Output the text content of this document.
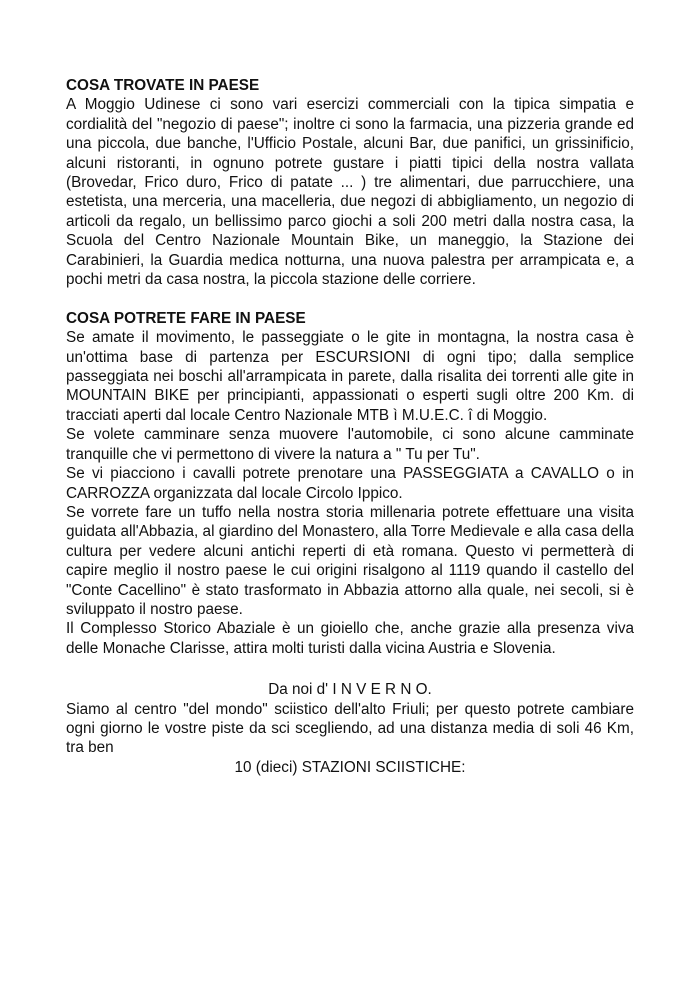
COSA TROVATE IN PAESE

A Moggio Udinese ci sono vari esercizi commerciali con la tipica simpatia e cordialità del "negozio di paese"; inoltre ci sono la farmacia, una pizzeria grande ed una piccola, due banche, l'Ufficio Postale, alcuni Bar, due panifici, un grissinificio, alcuni ristoranti, in ognuno potrete gustare i piatti tipici della nostra vallata (Brovedar, Frico duro, Frico di patate ... ) tre alimentari, due parrucchiere, una estetista, una merceria, una macelleria, due negozi di abbigliamento, un negozio di articoli da regalo, un bellissimo parco giochi a soli 200 metri dalla nostra casa, la Scuola del Centro Nazionale Mountain Bike, un maneggio, la Stazione dei Carabinieri, la Guardia medica notturna, una nuova palestra per arrampicata e, a pochi metri da casa nostra, la piccola stazione delle corriere.

COSA POTRETE FARE IN PAESE

Se amate il movimento, le passeggiate o le gite in montagna, la nostra casa è un'ottima base di partenza per ESCURSIONI di ogni tipo; dalla semplice passeggiata nei boschi all'arrampicata in parete, dalla risalita dei torrenti alle gite in MOUNTAIN BIKE per principianti, appassionati o esperti sugli oltre 200 Km. di tracciati aperti dal locale Centro Nazionale MTB ì M.U.E.C. î di Moggio.

Se volete camminare senza muovere l'automobile, ci sono alcune camminate tranquille che vi permettono di vivere la natura a " Tu per Tu".

Se vi piacciono i cavalli potrete prenotare una PASSEGGIATA a CAVALLO o in CARROZZA organizzata dal locale Circolo Ippico.

Se vorrete fare un tuffo nella nostra storia millenaria potrete effettuare una visita guidata all'Abbazia, al giardino del Monastero, alla Torre Medievale e alla casa della cultura per vedere alcuni antichi reperti di età romana. Questo vi permetterà di capire meglio il nostro paese le cui origini risalgono al 1119 quando il castello del "Conte Cacellino" è stato trasformato in Abbazia attorno alla quale, nei secoli, si è sviluppato il nostro paese.

Il Complesso Storico Abaziale è un gioiello che, anche grazie alla presenza viva delle Monache Clarisse, attira molti turisti dalla vicina Austria e Slovenia.

Da noi d' I N V E R N O.

Siamo al centro "del mondo" sciistico dell'alto Friuli; per questo potrete cambiare ogni giorno le vostre piste da sci scegliendo, ad una distanza media di soli 46 Km, tra ben

10 (dieci) STAZIONI SCIISTICHE:
